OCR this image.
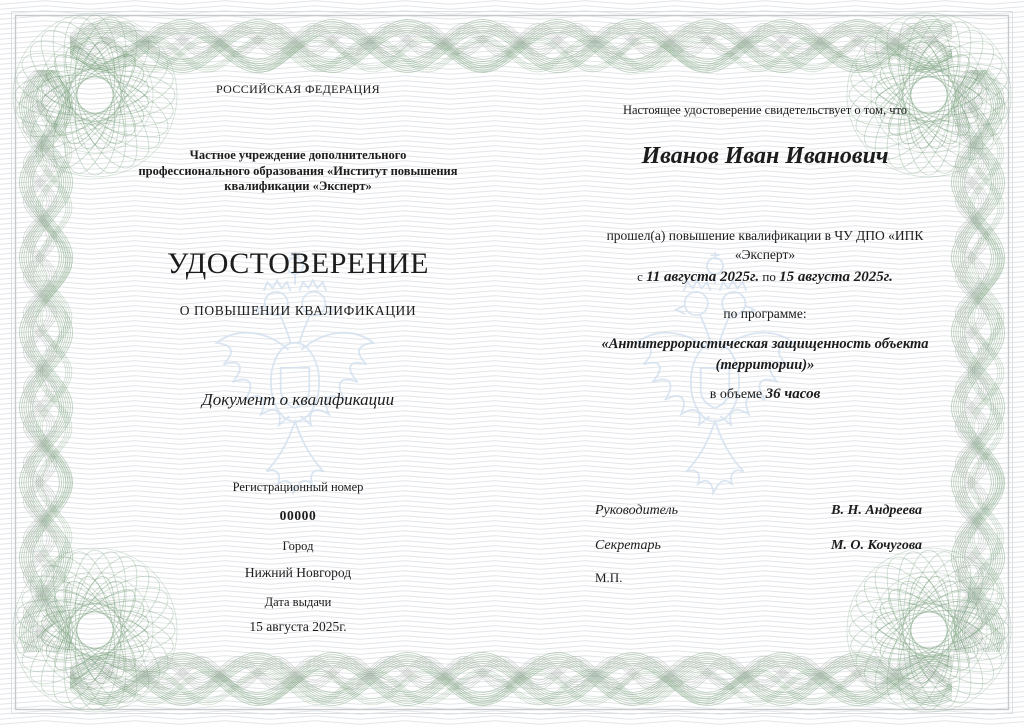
РОССИЙСКАЯ ФЕДЕРАЦИЯ
Частное учреждение дополнительного
профессионального образования «Институт повышения
квалификации «Эксперт»
УДОСТОВЕРЕНИЕ
О ПОВЫШЕНИИ КВАЛИФИКАЦИИ
Документ о квалификации
Регистрационный номер
00000
Город
Нижний Новгород
Дата выдачи
15 августа 2025г.
Настоящее удостоверение свидетельствует о том, что
Иванов Иван Иванович
прошел(а) повышение квалификации в ЧУ ДПО «ИПК
«Эксперт»
с 11 августа 2025г. по 15 августа 2025г.
по программе:
«Антитеррористическая защищенность объекта
(территории)»
в объеме 36 часов
Руководитель	В. Н. Андреева
Секретарь	М. О. Кочугова
М.П.
